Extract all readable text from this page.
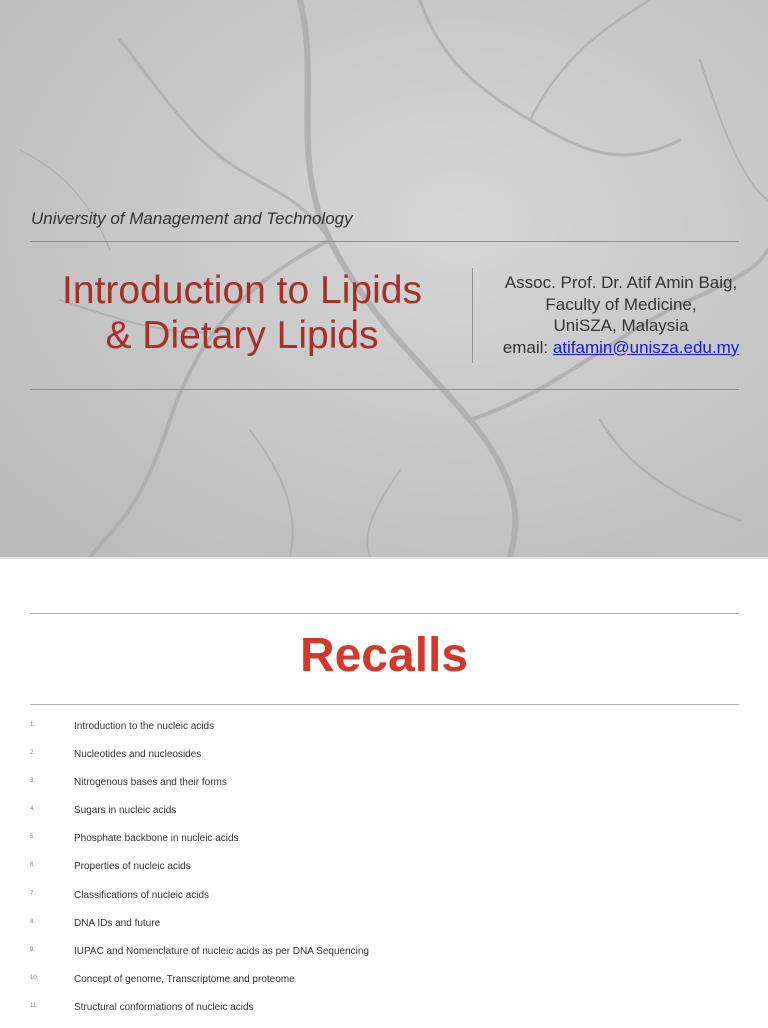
University of Management and Technology
Introduction to Lipids
& Dietary Lipids
Assoc. Prof. Dr. Atif Amin Baig,
Faculty of Medicine,
UniSZA, Malaysia
email: atifamin@unisza.edu.my
Recalls
1.	Introduction to the nucleic acids
2.	Nucleotides and nucleosides
3.	Nitrogenous bases and their forms
4.	Sugars in nucleic acids
5.	Phosphate backbone in nucleic acids
6.	Properties of nucleic acids
7.	Classifications of nucleic acids
8.	DNA IDs and future
9.	IUPAC and Nomenclature of nucleic acids as per DNA Sequencing
10.	Concept of genome, Transcriptome and proteome
11.	Structural conformations of nucleic acids
